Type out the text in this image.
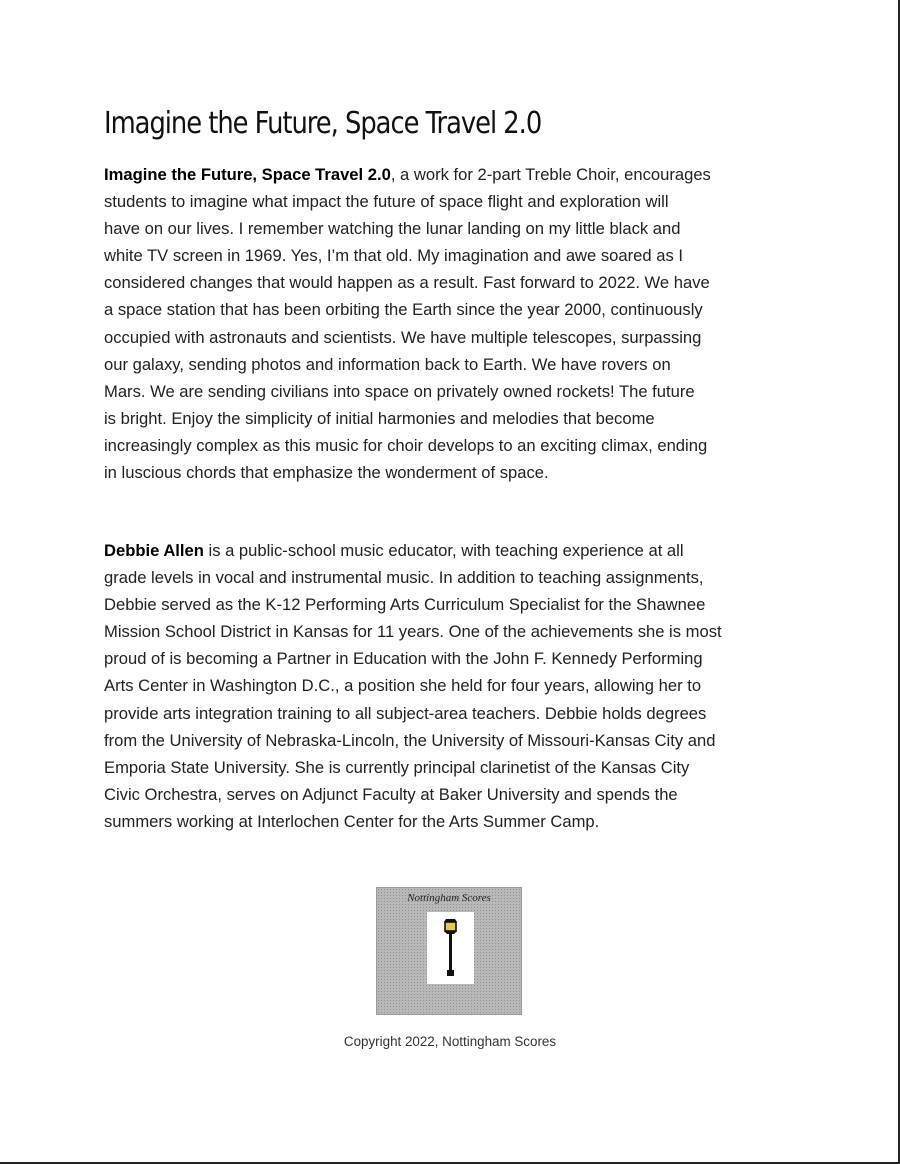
Imagine the Future, Space Travel 2.0
Imagine the Future, Space Travel 2.0, a work for 2-part Treble Choir, encourages
students to imagine what impact the future of space flight and exploration will
have on our lives. I remember watching the lunar landing on my little black and
white TV screen in 1969. Yes, I’m that old. My imagination and awe soared as I
considered changes that would happen as a result. Fast forward to 2022. We have
a space station that has been orbiting the Earth since the year 2000, continuously
occupied with astronauts and scientists. We have multiple telescopes, surpassing
our galaxy, sending photos and information back to Earth. We have rovers on
Mars. We are sending civilians into space on privately owned rockets! The future
is bright. Enjoy the simplicity of initial harmonies and melodies that become
increasingly complex as this music for choir develops to an exciting climax, ending
in luscious chords that emphasize the wonderment of space.
Debbie Allen is a public-school music educator, with teaching experience at all
grade levels in vocal and instrumental music. In addition to teaching assignments,
Debbie served as the K-12 Performing Arts Curriculum Specialist for the Shawnee
Mission School District in Kansas for 11 years. One of the achievements she is most
proud of is becoming a Partner in Education with the John F. Kennedy Performing
Arts Center in Washington D.C., a position she held for four years, allowing her to
provide arts integration training to all subject-area teachers. Debbie holds degrees
from the University of Nebraska-Lincoln, the University of Missouri-Kansas City and
Emporia State University. She is currently principal clarinetist of the Kansas City
Civic Orchestra, serves on Adjunct Faculty at Baker University and spends the
summers working at Interlochen Center for the Arts Summer Camp.
Nottingham Scores
Copyright 2022, Nottingham Scores
